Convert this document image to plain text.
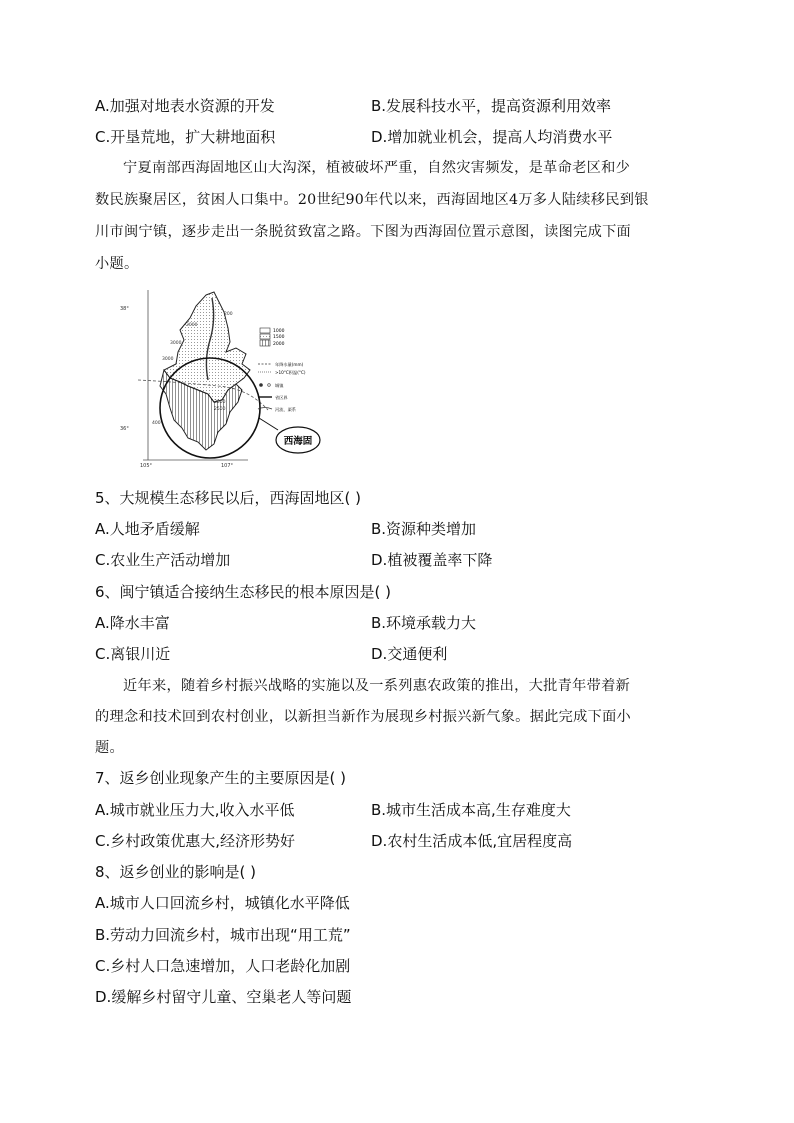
A.加强对地表水资源的开发	B.发展科技水平，提高资源利用效率
C.开垦荒地，扩大耕地面积	D.增加就业机会，提高人均消费水平
宁夏南部西海固地区山大沟深，植被破坏严重，自然灾害频发，是革命老区和少
数民族聚居区，贫困人口集中。20世纪90年代以来，西海固地区4万多人陆续移民到银
川市闽宁镇，逐步走出一条脱贫致富之路。下图为西海固位置示意图，读图完成下面
小题。
西海固
38°
36°
105°	107°
2000
3000
3000
3000
2500
200
400
1000
1500
2000
年降水量(mm)
>10°C积温(°C)
城镇
省区界
河流、渠系
5、大规模生态移民以后，西海固地区( )
A.人地矛盾缓解	B.资源种类增加
C.农业生产活动增加	D.植被覆盖率下降
6、闽宁镇适合接纳生态移民的根本原因是( )
A.降水丰富	B.环境承载力大
C.离银川近	D.交通便利
近年来，随着乡村振兴战略的实施以及一系列惠农政策的推出，大批青年带着新
的理念和技术回到农村创业，以新担当新作为展现乡村振兴新气象。据此完成下面小
题。
7、返乡创业现象产生的主要原因是( )
A.城市就业压力大,收入水平低	B.城市生活成本高,生存难度大
C.乡村政策优惠大,经济形势好	D.农村生活成本低,宜居程度高
8、返乡创业的影响是( )
A.城市人口回流乡村，城镇化水平降低
B.劳动力回流乡村，城市出现“用工荒”
C.乡村人口急速增加，人口老龄化加剧
D.缓解乡村留守儿童、空巢老人等问题
